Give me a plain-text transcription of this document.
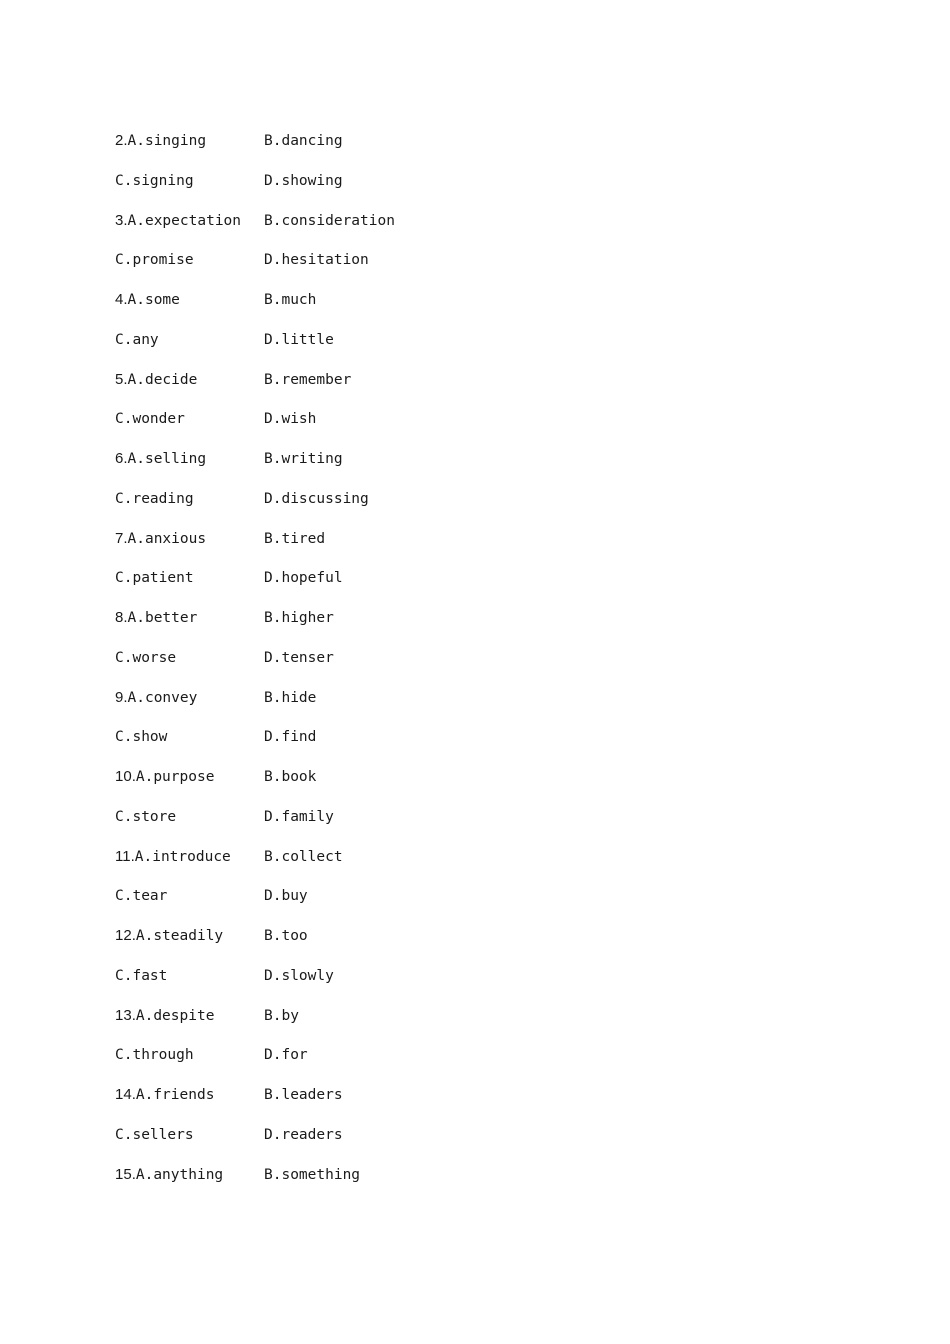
2.A.singing	B.dancing
C.signing	D.showing
3.A.expectation B.consideration
C.promise	D.hesitation
4.A.some	B.much
C.any	D.little
5.A.decide	B.remember
C.wonder	D.wish
6.A.selling	B.writing
C.reading	D.discussing
7.A.anxious	B.tired
C.patient	D.hopeful
8.A.better	B.higher
C.worse	D.tenser
9.A.convey	B.hide
C.show	D.find
10.A.purpose	B.book
C.store	D.family
11.A.introduce B.collect
C.tear	D.buy
12.A.steadily	B.too
C.fast	D.slowly
13.A.despite	B.by
C.through	D.for
14.A.friends	B.leaders
C.sellers	D.readers
15.A.anything	B.something
